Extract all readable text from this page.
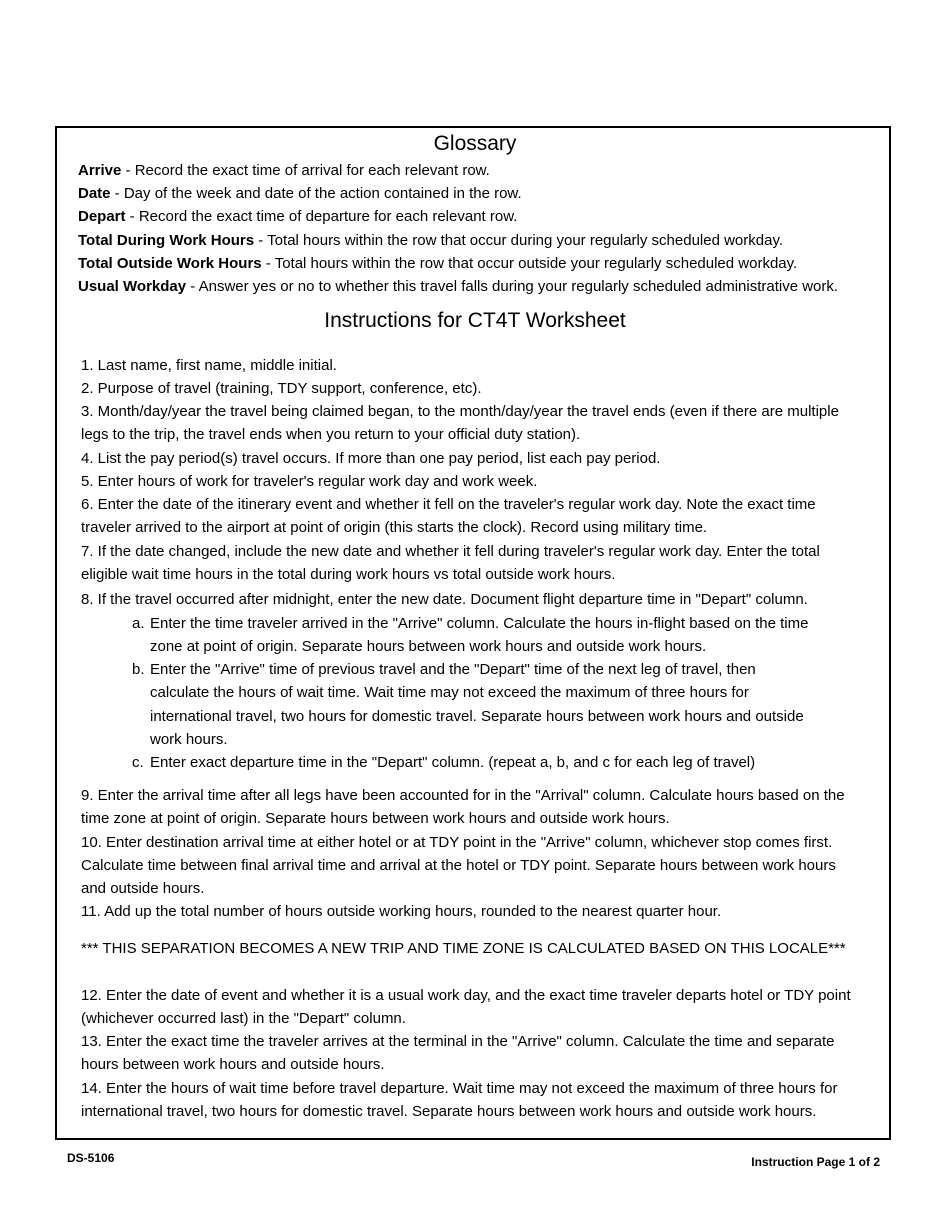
Glossary
Arrive - Record the exact time of arrival for each relevant row.
Date - Day of the week and date of the action contained in the row.
Depart - Record the exact time of departure for each relevant row.
Total During Work Hours - Total hours within the row that occur during your regularly scheduled workday.
Total Outside Work Hours - Total hours within the row that occur outside your regularly scheduled workday.
Usual Workday - Answer yes or no to whether this travel falls during your regularly scheduled administrative work.
Instructions for CT4T Worksheet
1. Last name, first name, middle initial.
2. Purpose of travel (training, TDY support, conference, etc).
3. Month/day/year the travel being claimed began, to the month/day/year the travel ends (even if there are multiple
legs to the trip, the travel ends when you return to your official duty station).
4. List the pay period(s) travel occurs. If more than one pay period, list each pay period.
5. Enter hours of work for traveler's regular work day and work week.
6. Enter the date of the itinerary event and whether it fell on the traveler's regular work day. Note the exact time
traveler arrived to the airport at point of origin (this starts the clock). Record using military time.
7. If the date changed, include the new date and whether it fell during traveler's regular work day. Enter the total
eligible wait time hours in the total during work hours vs total outside work hours.
8. If the travel occurred after midnight, enter the new date. Document flight departure time in "Depart" column.
a. Enter the time traveler arrived in the "Arrive" column. Calculate the hours in-flight based on the time
zone at point of origin. Separate hours between work hours and outside work hours.
b. Enter the "Arrive" time of previous travel and the "Depart" time of the next leg of travel, then
calculate the hours of wait time. Wait time may not exceed the maximum of three hours for
international travel, two hours for domestic travel. Separate hours between work hours and outside
work hours.
c. Enter exact departure time in the "Depart" column. (repeat a, b, and c for each leg of travel)
9. Enter the arrival time after all legs have been accounted for in the "Arrival" column. Calculate hours based on the
time zone at point of origin. Separate hours between work hours and outside work hours.
10. Enter destination arrival time at either hotel or at TDY point in the "Arrive" column, whichever stop comes first.
Calculate time between final arrival time and arrival at the hotel or TDY point. Separate hours between work hours
and outside hours.
11. Add up the total number of hours outside working hours, rounded to the nearest quarter hour.
*** THIS SEPARATION BECOMES A NEW TRIP AND TIME ZONE IS CALCULATED BASED ON THIS LOCALE***
12. Enter the date of event and whether it is a usual work day, and the exact time traveler departs hotel or TDY point
(whichever occurred last) in the "Depart" column.
13. Enter the exact time the traveler arrives at the terminal in the "Arrive" column. Calculate the time and separate
hours between work hours and outside hours.
14. Enter the hours of wait time before travel departure. Wait time may not exceed the maximum of three hours for
international travel, two hours for domestic travel. Separate hours between work hours and outside work hours.
DS-5106	Instruction Page 1 of 2
